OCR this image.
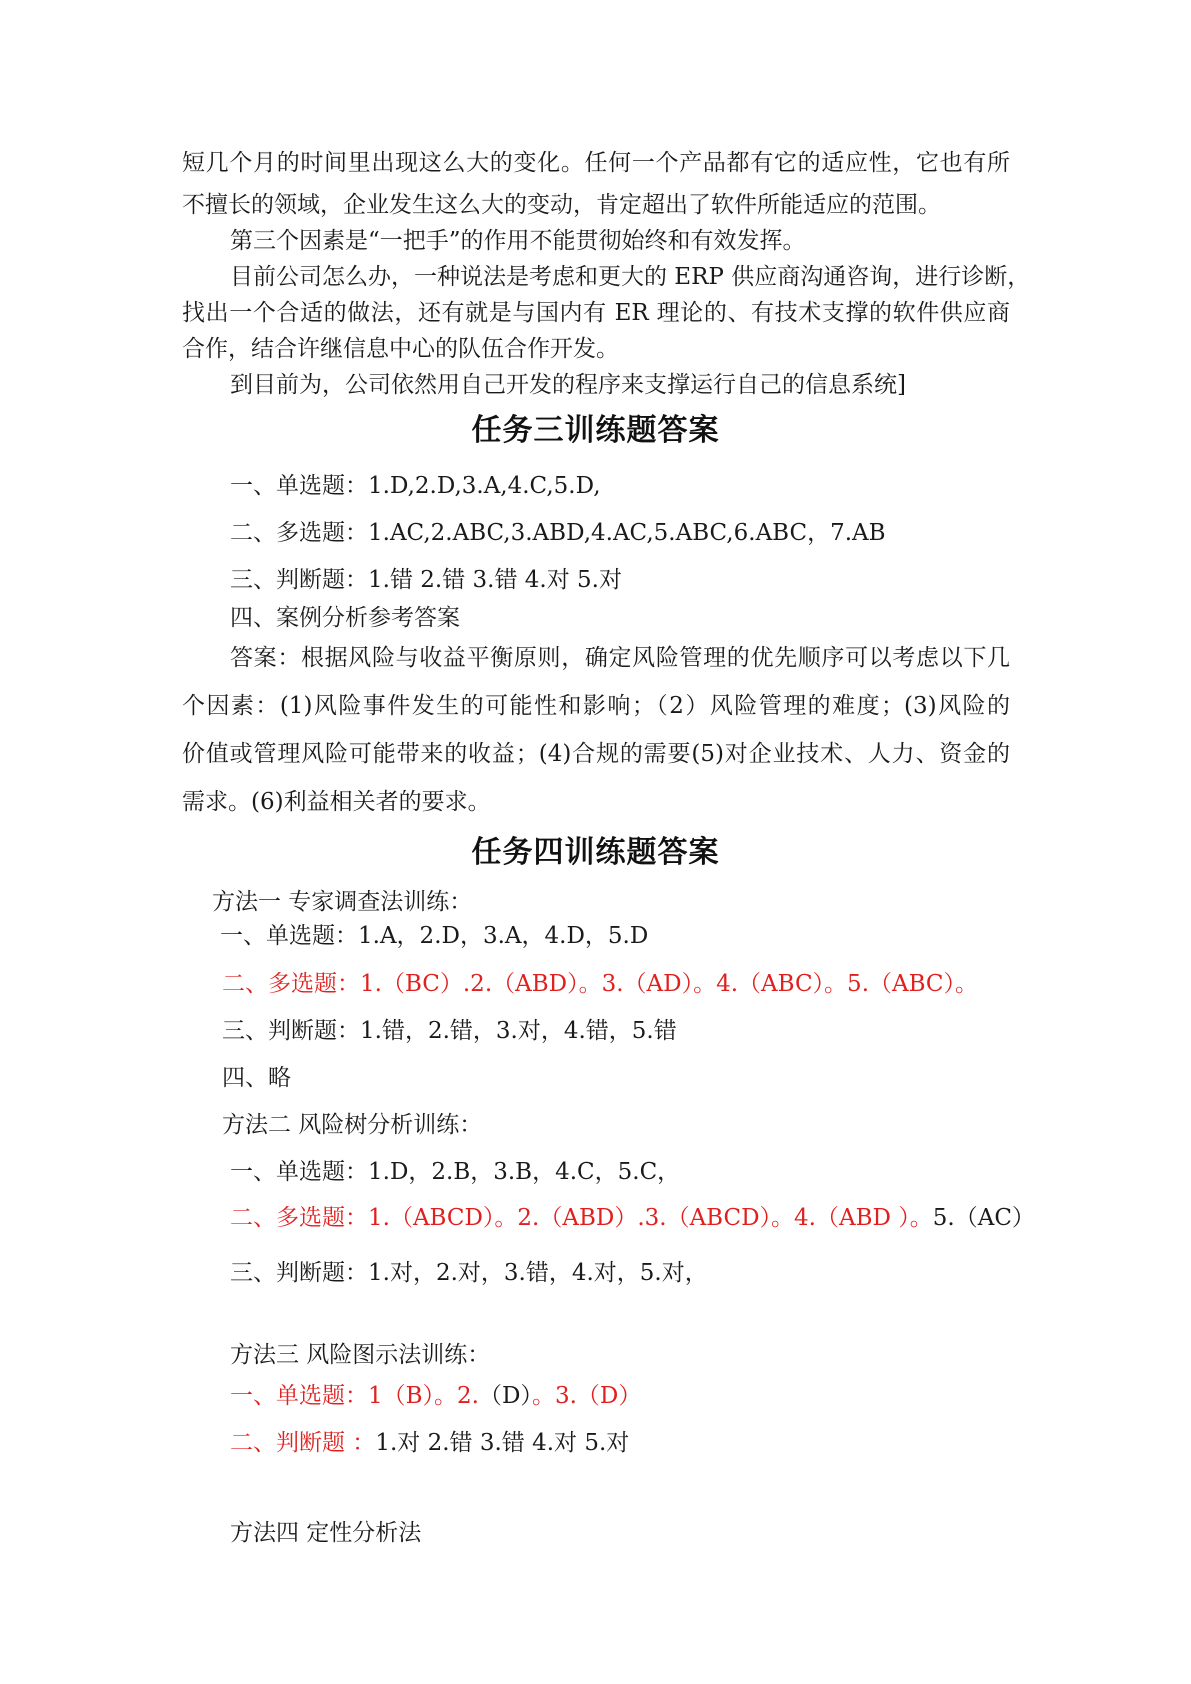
短几个月的时间里出现这么大的变化。任何一个产品都有它的适应性，它也有所
不擅长的领域，企业发生这么大的变动，肯定超出了软件所能适应的范围。
第三个因素是“一把手”的作用不能贯彻始终和有效发挥。
目前公司怎么办，一种说法是考虑和更大的 ERP 供应商沟通咨询，进行诊断，
找出一个合适的做法，还有就是与国内有 ER 理论的、有技术支撑的软件供应商
合作，结合许继信息中心的队伍合作开发。
到目前为，公司依然用自己开发的程序来支撑运行自己的信息系统]
任务三训练题答案
一、单选题：1.D,2.D,3.A,4.C,5.D,
二、多选题：1.AC,2.ABC,3.ABD,4.AC,5.ABC,6.ABC，7.AB
三、判断题：1.错 2.错 3.错 4.对 5.对
四、案例分析参考答案
答案：根据风险与收益平衡原则，确定风险管理的优先顺序可以考虑以下几
个因素：(1)风险事件发生的可能性和影响；（2）风险管理的难度；(3)风险的
价值或管理风险可能带来的收益；(4)合规的需要(5)对企业技术、人力、资金的
需求。(6)利益相关者的要求。
任务四训练题答案
方法一 专家调查法训练：
一、单选题：1.A，2.D，3.A，4.D，5.D
二、多选题：1.（BC）.2.（ABD）。3.（AD）。4.（ABC）。5.（ABC）。
三、判断题：1.错，2.错，3.对，4.错，5.错
四、略
方法二 风险树分析训练：
一、单选题：1.D，2.B，3.B，4.C，5.C，
二、多选题：1.（ABCD）。2.（ABD）.3.（ABCD）。4.（ABD ）。5.（AC）
三、判断题：1.对，2.对，3.错，4.对，5.对，
方法三 风险图示法训练：
一、单选题：1（B）。2.（D）。3.（D）
二、判断题 ：1.对 2.错 3.错 4.对 5.对
方法四 定性分析法
